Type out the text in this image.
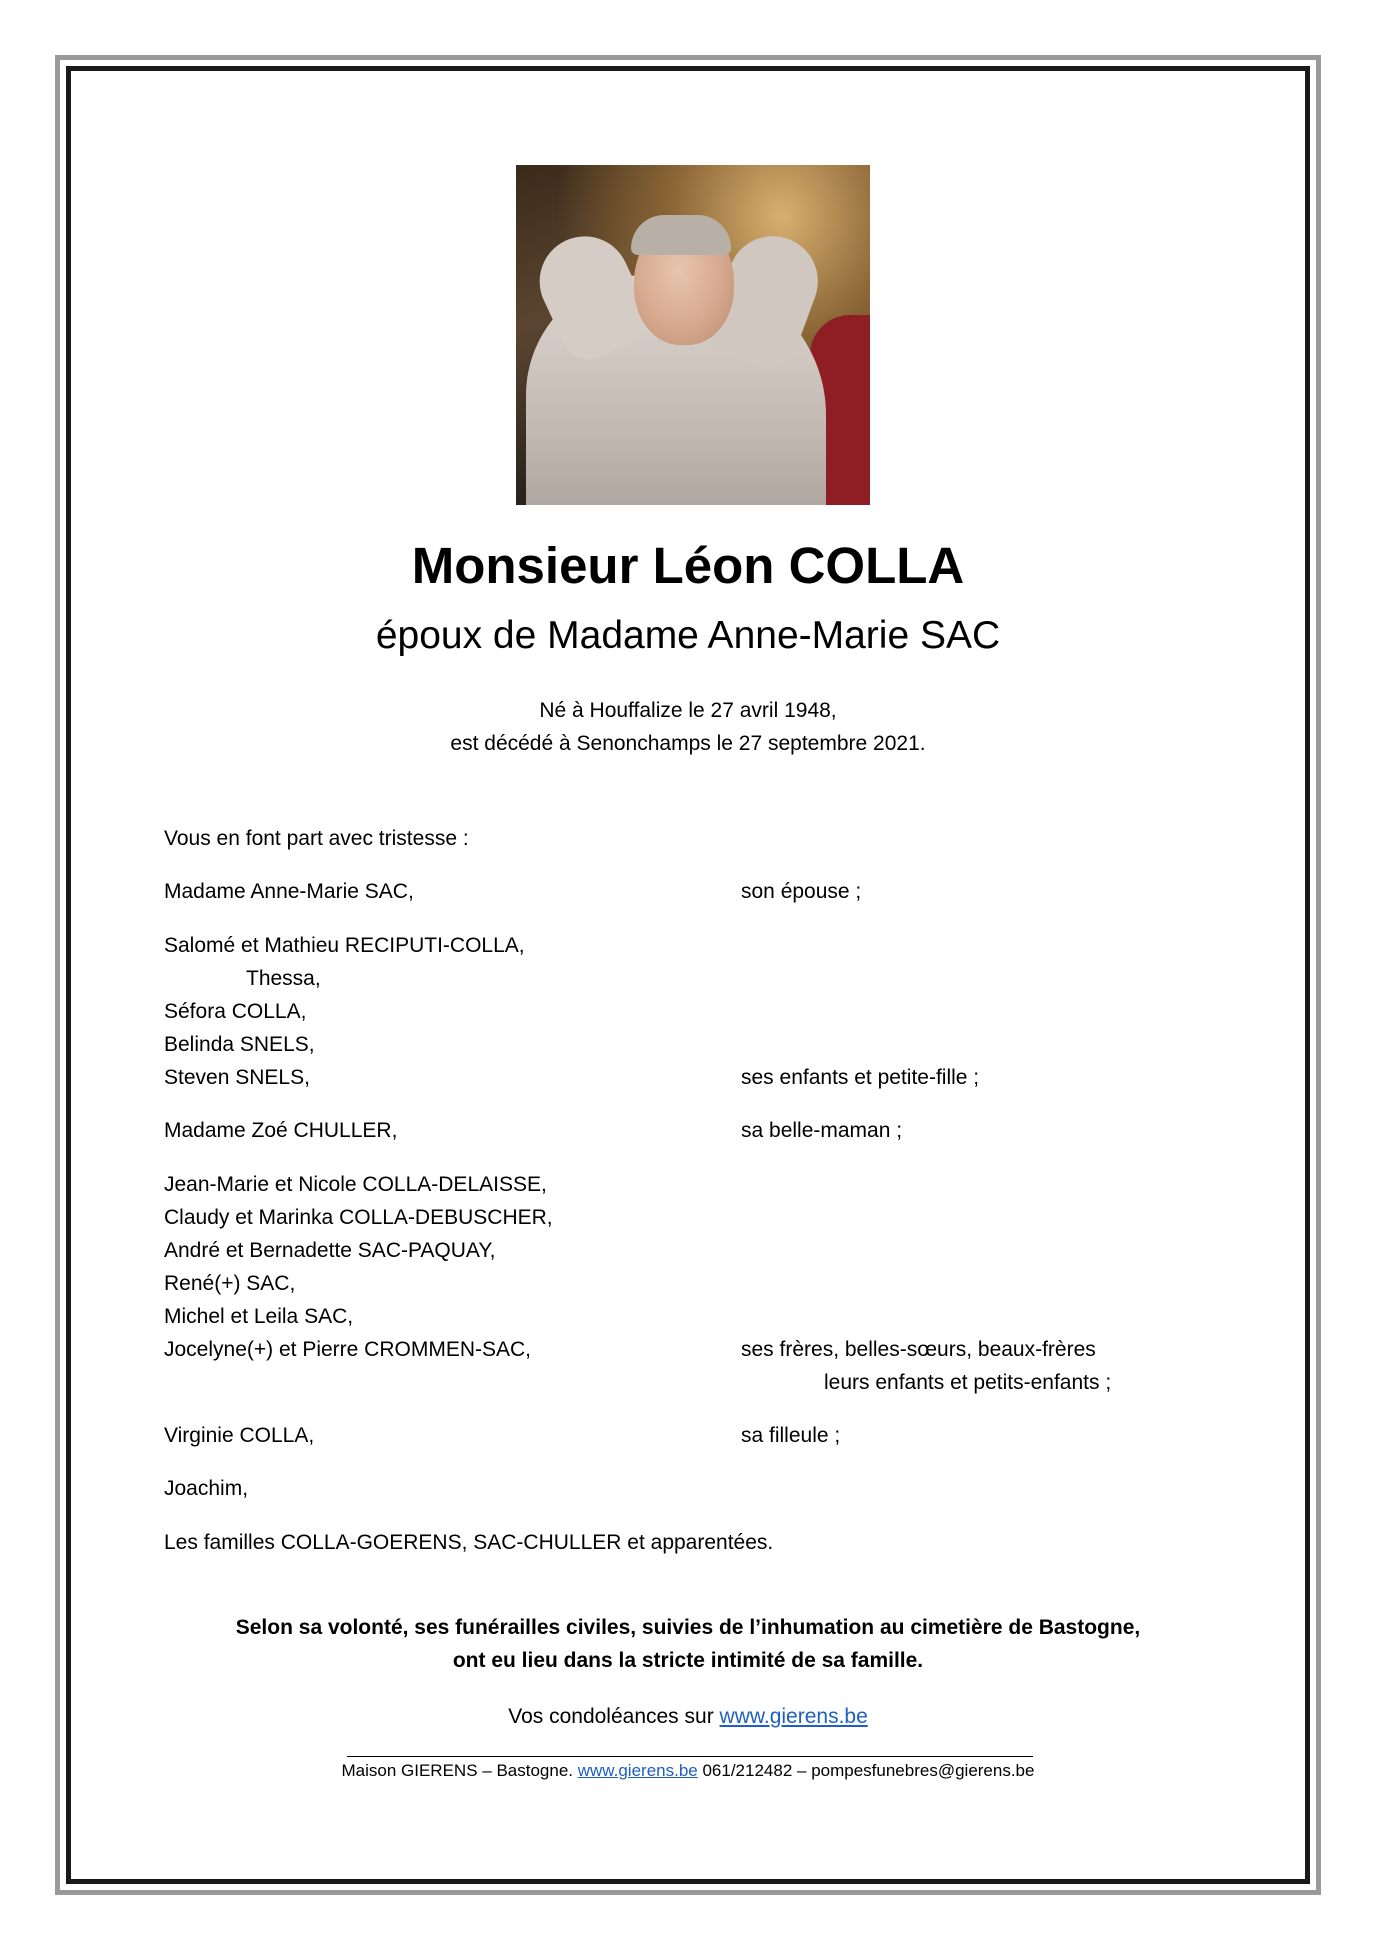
Monsieur Léon COLLA
époux de Madame Anne-Marie SAC
Né à Houffalize le 27 avril 1948,
est décédé à Senonchamps le 27 septembre 2021.
Vous en font part avec tristesse :
Madame Anne-Marie SAC,	son épouse ;
Salomé et Mathieu RECIPUTI-COLLA,
Thessa,
Séfora COLLA,
Belinda SNELS,
Steven SNELS,	ses enfants et petite-fille ;
Madame Zoé CHULLER,	sa belle-maman ;
Jean-Marie et Nicole COLLA-DELAISSE,
Claudy et Marinka COLLA-DEBUSCHER,
André et Bernadette SAC-PAQUAY,
René(+) SAC,
Michel et Leila SAC,
Jocelyne(+) et Pierre CROMMEN-SAC,	ses frères, belles-sœurs, beaux-frères
leurs enfants et petits-enfants ;
Virginie COLLA,	sa filleule ;
Joachim,
Les familles COLLA-GOERENS, SAC-CHULLER et apparentées.
Selon sa volonté, ses funérailles civiles, suivies de l’inhumation au cimetière de Bastogne,
ont eu lieu dans la stricte intimité de sa famille.
Vos condoléances sur www.gierens.be
Maison GIERENS – Bastogne. www.gierens.be 061/212482 – pompesfunebres@gierens.be
